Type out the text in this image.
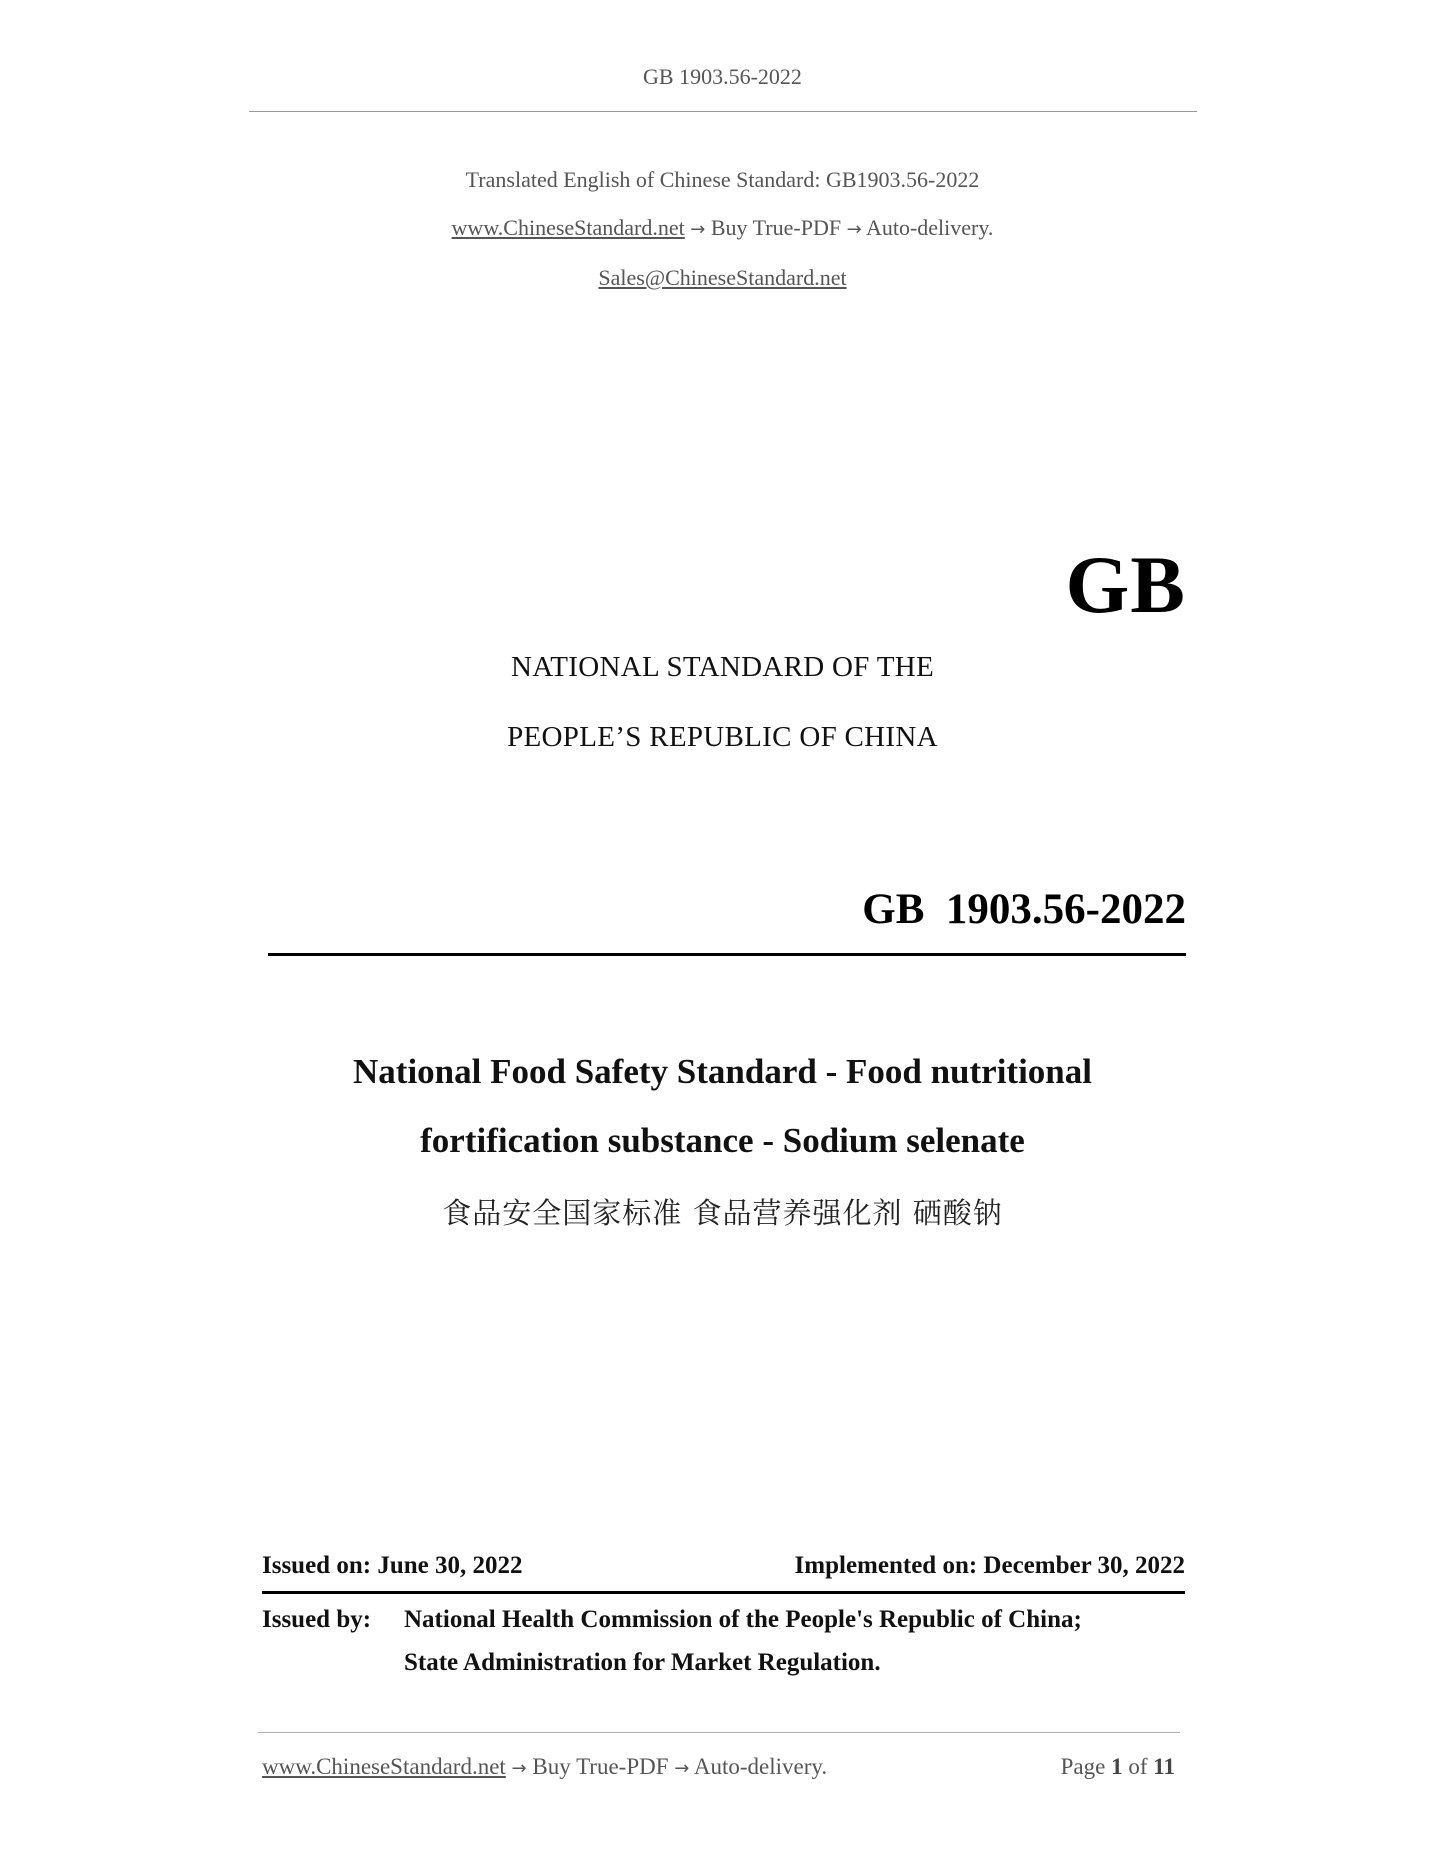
GB 1903.56-2022
Translated English of Chinese Standard: GB1903.56-2022
www.ChineseStandard.net → Buy True-PDF → Auto-delivery.
Sales@ChineseStandard.net
GB
NATIONAL STANDARD OF THE
PEOPLE’S REPUBLIC OF CHINA
GB  1903.56-2022
National Food Safety Standard - Food nutritional
fortification substance - Sodium selenate
食品安全国家标准 食品营养强化剂 硒酸钠
Issued on: June 30, 2022	Implemented on: December 30, 2022
Issued by: National Health Commission of the People's Republic of China;
State Administration for Market Regulation.
www.ChineseStandard.net → Buy True-PDF → Auto-delivery.	Page 1 of 11
